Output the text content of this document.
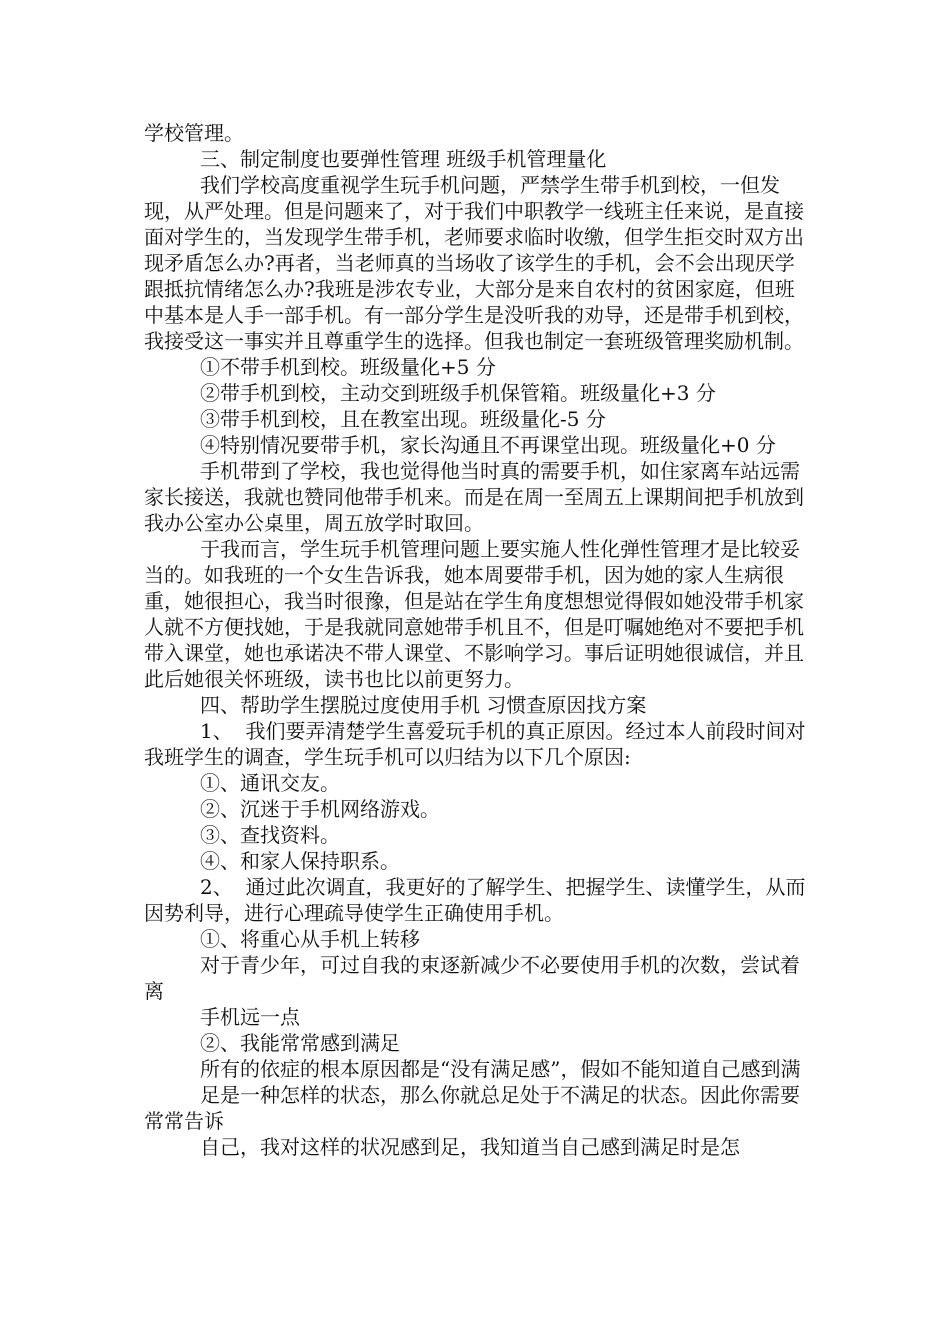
学校管理。

三、制定制度也要弹性管理 班级手机管理量化

我们学校高度重视学生玩手机问题，严禁学生带手机到校，一但发现，从严处理。但是问题来了，对于我们中职教学一线班主任来说，是直接面对学生的，当发现学生带手机，老师要求临时收缴，但学生拒交时双方出现矛盾怎么办?再者，当老师真的当场收了该学生的手机，会不会出现厌学跟抵抗情绪怎么办?我班是涉农专业，大部分是来自农村的贫困家庭，但班中基本是人手一部手机。有一部分学生是没听我的劝导，还是带手机到校，我接受这一事实并且尊重学生的选择。但我也制定一套班级管理奖励机制。

①不带手机到校。班级量化+5 分

②带手机到校，主动交到班级手机保管箱。班级量化+3 分

③带手机到校，且在教室出现。班级量化-5 分

④特别情况要带手机，家长沟通且不再课堂出现。班级量化+0 分

手机带到了学校，我也觉得他当时真的需要手机，如住家离车站远需家长接送，我就也赞同他带手机来。而是在周一至周五上课期间把手机放到我办公室办公桌里，周五放学时取回。

于我而言，学生玩手机管理问题上要实施人性化弹性管理才是比较妥当的。如我班的一个女生告诉我，她本周要带手机，因为她的家人生病很重，她很担心，我当时很豫，但是站在学生角度想想觉得假如她没带手机家人就不方便找她，于是我就同意她带手机且不，但是叮嘱她绝对不要把手机带入课堂，她也承诺决不带人课堂、不影响学习。事后证明她很诚信，并且此后她很关怀班级，读书也比以前更努力。

四、帮助学生摆脱过度使用手机 习惯查原因找方案

1、  我们要弄清楚学生喜爱玩手机的真正原因。经过本人前段时间对我班学生的调查，学生玩手机可以归结为以下几个原因:

①、通讯交友。

②、沉迷于手机网络游戏。

③、查找资料。

④、和家人保持职系。

2、  通过此次调直，我更好的了解学生、把握学生、读懂学生，从而因势利导，进行心理疏导使学生正确使用手机。

①、将重心从手机上转移

对于青少年，可过自我的束逐新减少不必要使用手机的次数，尝试着离

手机远一点

②、我能常常感到满足

所有的依症的根本原因都是“没有满足感”，假如不能知道自己感到满

足是一种怎样的状态，那么你就总足处于不满足的状态。因此你需要常常告诉

自己，我对这样的状况感到足，我知道当自己感到满足时是怎
